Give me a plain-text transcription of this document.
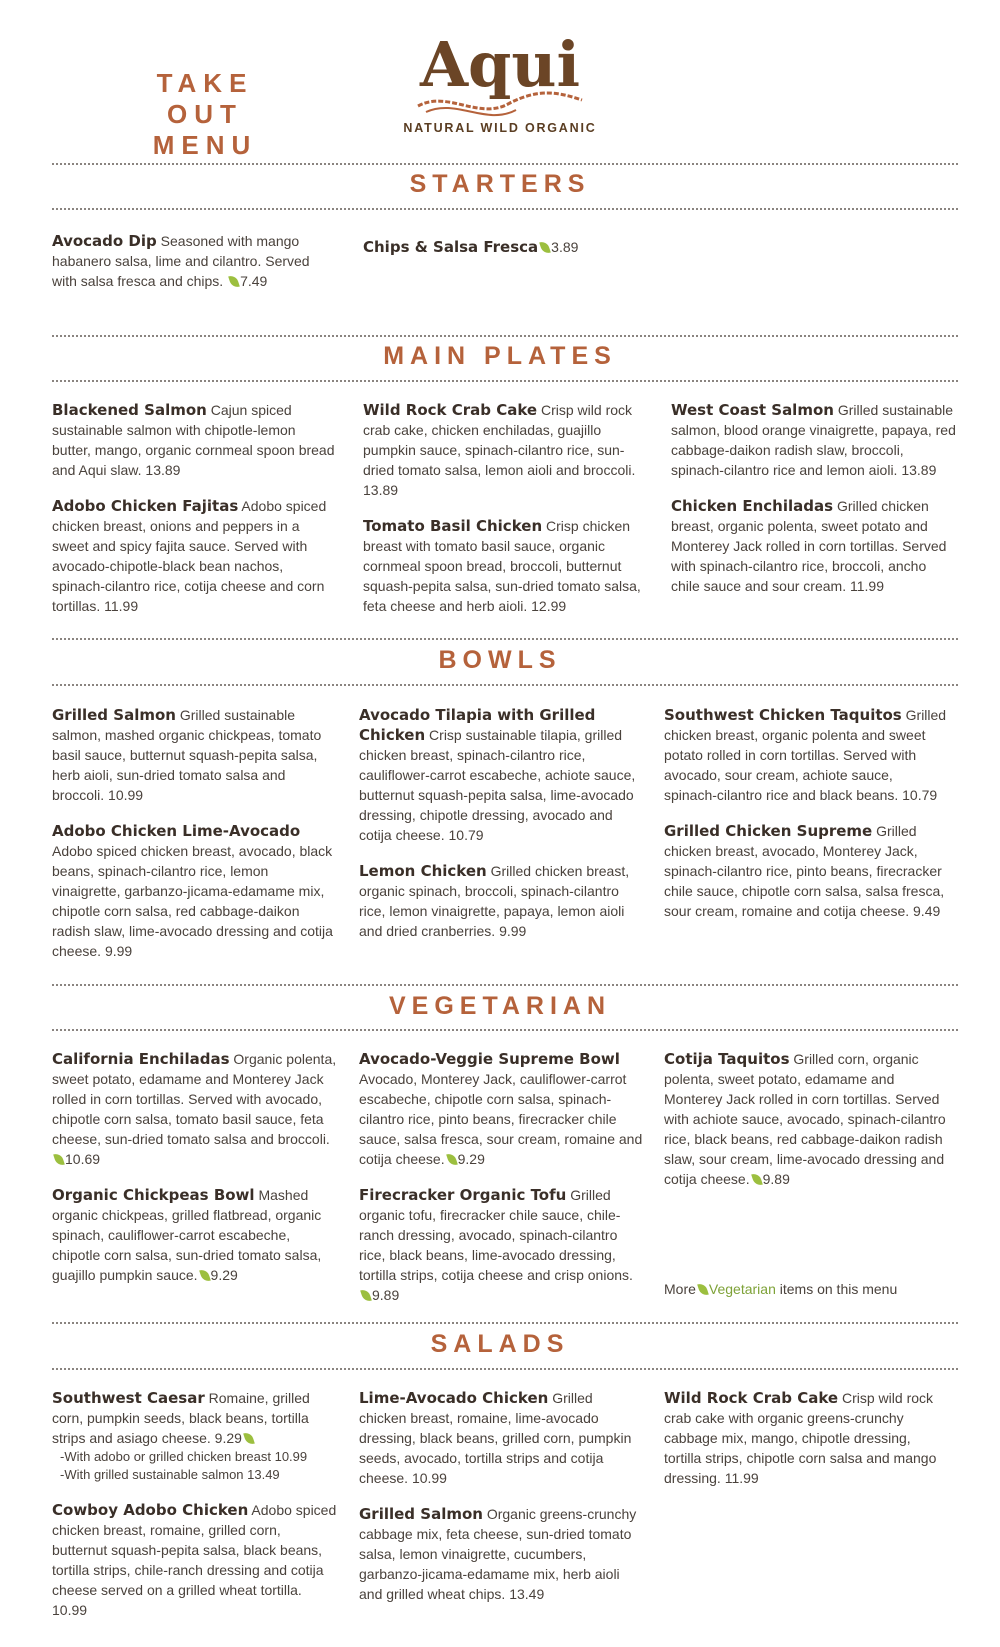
TAKE OUT
MENU
Aqui
NATURAL WILD ORGANIC
STARTERS
Avocado Dip Seasoned with mango habanero salsa, lime and cilantro. Served with salsa fresca and chips. 7.49
Chips & Salsa Fresca 3.89
MAIN PLATES
Blackened Salmon Cajun spiced sustainable salmon with chipotle-lemon butter, mango, organic cornmeal spoon bread and Aqui slaw. 13.89
Adobo Chicken Fajitas Adobo spiced chicken breast, onions and peppers in a sweet and spicy fajita sauce. Served with avocado-chipotle-black bean nachos, spinach-cilantro rice, cotija cheese and corn tortillas. 11.99
Wild Rock Crab Cake Crisp wild rock crab cake, chicken enchiladas, guajillo pumpkin sauce, spinach-cilantro rice, sun-dried tomato salsa, lemon aioli and broccoli. 13.89
Tomato Basil Chicken Crisp chicken breast with tomato basil sauce, organic cornmeal spoon bread, broccoli, butternut squash-pepita salsa, sun-dried tomato salsa, feta cheese and herb aioli. 12.99
West Coast Salmon Grilled sustainable salmon, blood orange vinaigrette, papaya, red cabbage-daikon radish slaw, broccoli, spinach-cilantro rice and lemon aioli. 13.89
Chicken Enchiladas Grilled chicken breast, organic polenta, sweet potato and Monterey Jack rolled in corn tortillas. Served with spinach-cilantro rice, broccoli, ancho chile sauce and sour cream. 11.99
BOWLS
Grilled Salmon Grilled sustainable salmon, mashed organic chickpeas, tomato basil sauce, butternut squash-pepita salsa, herb aioli, sun-dried tomato salsa and broccoli. 10.99
Adobo Chicken Lime-Avocado Adobo spiced chicken breast, avocado, black beans, spinach-cilantro rice, lemon vinaigrette, garbanzo-jicama-edamame mix, chipotle corn salsa, red cabbage-daikon radish slaw, lime-avocado dressing and cotija cheese. 9.99
Avocado Tilapia with Grilled Chicken Crisp sustainable tilapia, grilled chicken breast, spinach-cilantro rice, cauliflower-carrot escabeche, achiote sauce, butternut squash-pepita salsa, lime-avocado dressing, chipotle dressing, avocado and cotija cheese. 10.79
Lemon Chicken Grilled chicken breast, organic spinach, broccoli, spinach-cilantro rice, lemon vinaigrette, papaya, lemon aioli and dried cranberries. 9.99
Southwest Chicken Taquitos Grilled chicken breast, organic polenta and sweet potato rolled in corn tortillas. Served with avocado, sour cream, achiote sauce, spinach-cilantro rice and black beans. 10.79
Grilled Chicken Supreme Grilled chicken breast, avocado, Monterey Jack, spinach-cilantro rice, pinto beans, firecracker chile sauce, chipotle corn salsa, salsa fresca, sour cream, romaine and cotija cheese. 9.49
VEGETARIAN
California Enchiladas Organic polenta, sweet potato, edamame and Monterey Jack rolled in corn tortillas. Served with avocado, chipotle corn salsa, tomato basil sauce, feta cheese, sun-dried tomato salsa and broccoli.10.69
Organic Chickpeas Bowl Mashed organic chickpeas, grilled flatbread, organic spinach, cauliflower-carrot escabeche, chipotle corn salsa, sun-dried tomato salsa, guajillo pumpkin sauce. 9.29
Avocado-Veggie Supreme Bowl Avocado, Monterey Jack, cauliflower-carrot escabeche, chipotle corn salsa, spinach-cilantro rice, pinto beans, firecracker chile sauce, salsa fresca, sour cream, romaine and cotija cheese. 9.29
Firecracker Organic Tofu Grilled organic tofu, firecracker chile sauce, chile-ranch dressing, avocado, spinach-cilantro rice, black beans, lime-avocado dressing, tortilla strips, cotija cheese and crisp onions.9.89
Cotija Taquitos Grilled corn, organic polenta, sweet potato, edamame and Monterey Jack rolled in corn tortillas. Served with achiote sauce, avocado, spinach-cilantro rice, black beans, red cabbage-daikon radish slaw, sour cream, lime-avocado dressing and cotija cheese. 9.89
More Vegetarian items on this menu
SALADS
Southwest Caesar Romaine, grilled corn, pumpkin seeds, black beans, tortilla strips and asiago cheese. 9.29
-With adobo or grilled chicken breast 10.99
-With grilled sustainable salmon 13.49
Cowboy Adobo Chicken Adobo spiced chicken breast, romaine, grilled corn, butternut squash-pepita salsa, black beans, tortilla strips, chile-ranch dressing and cotija cheese served on a grilled wheat tortilla. 10.99
Lime-Avocado Chicken Grilled chicken breast, romaine, lime-avocado dressing, black beans, grilled corn, pumpkin seeds, avocado, tortilla strips and cotija cheese. 10.99
Grilled Salmon Organic greens-crunchy cabbage mix, feta cheese, sun-dried tomato salsa, lemon vinaigrette, cucumbers, garbanzo-jicama-edamame mix, herb aioli and grilled wheat chips. 13.49
Wild Rock Crab Cake Crisp wild rock crab cake with organic greens-crunchy cabbage mix, mango, chipotle dressing, tortilla strips, chipotle corn salsa and mango dressing. 11.99
